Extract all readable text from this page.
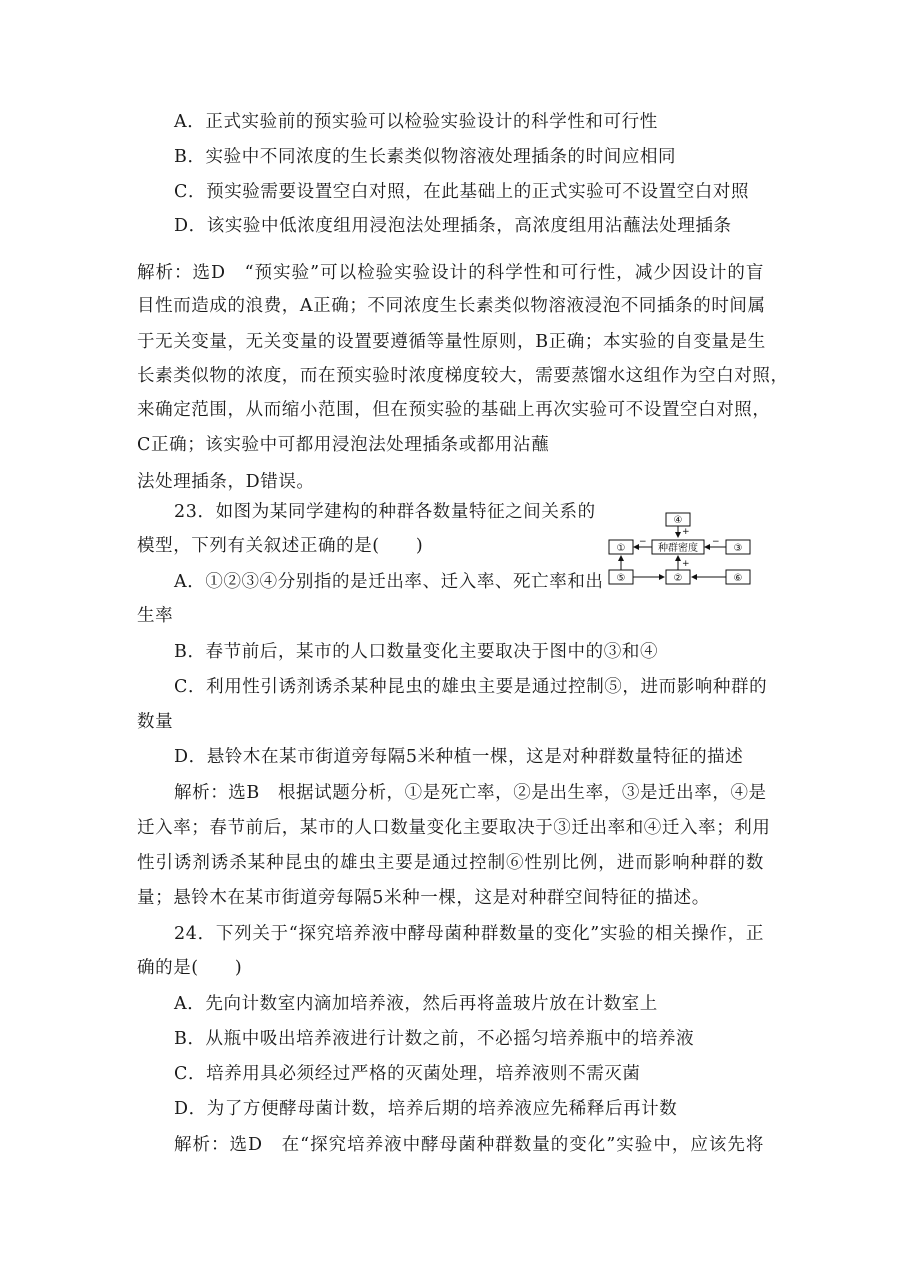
A．正式实验前的预实验可以检验实验设计的科学性和可行性
B．实验中不同浓度的生长素类似物溶液处理插条的时间应相同
C．预实验需要设置空白对照，在此基础上的正式实验可不设置空白对照
D．该实验中低浓度组用浸泡法处理插条，高浓度组用沾蘸法处理插条
解析：选D　“预实验”可以检验实验设计的科学性和可行性，减少因设计的盲
目性而造成的浪费，A正确；不同浓度生长素类似物溶液浸泡不同插条的时间属
于无关变量，无关变量的设置要遵循等量性原则，B正确；本实验的自变量是生
长素类似物的浓度，而在预实验时浓度梯度较大，需要蒸馏水这组作为空白对照，
来确定范围，从而缩小范围，但在预实验的基础上再次实验可不设置空白对照，
C正确；该实验中可都用浸泡法处理插条或都用沾蘸
法处理插条，D错误。
23．如图为某同学建构的种群各数量特征之间关系的
模型，下列有关叙述正确的是(　　)
A．①②③④分别指的是迁出率、迁入率、死亡率和出
生率
B．春节前后，某市的人口数量变化主要取决于图中的③和④
C．利用性引诱剂诱杀某种昆虫的雄虫主要是通过控制⑤，进而影响种群的
数量
D．悬铃木在某市街道旁每隔5米种植一棵，这是对种群数量特征的描述
解析：选B　根据试题分析，①是死亡率，②是出生率，③是迁出率，④是
迁入率；春节前后，某市的人口数量变化主要取决于③迁出率和④迁入率；利用
性引诱剂诱杀某种昆虫的雄虫主要是通过控制⑥性别比例，进而影响种群的数
量；悬铃木在某市街道旁每隔5米种一棵，这是对种群空间特征的描述。
④
+
种群密度
①
−
③
−
⑤	②
+
⑥
24．下列关于“探究培养液中酵母菌种群数量的变化”实验的相关操作，正
确的是(　　)
A．先向计数室内滴加培养液，然后再将盖玻片放在计数室上
B．从瓶中吸出培养液进行计数之前，不必摇匀培养瓶中的培养液
C．培养用具必须经过严格的灭菌处理，培养液则不需灭菌
D．为了方便酵母菌计数，培养后期的培养液应先稀释后再计数
解析：选D　在“探究培养液中酵母菌种群数量的变化”实验中，应该先将
